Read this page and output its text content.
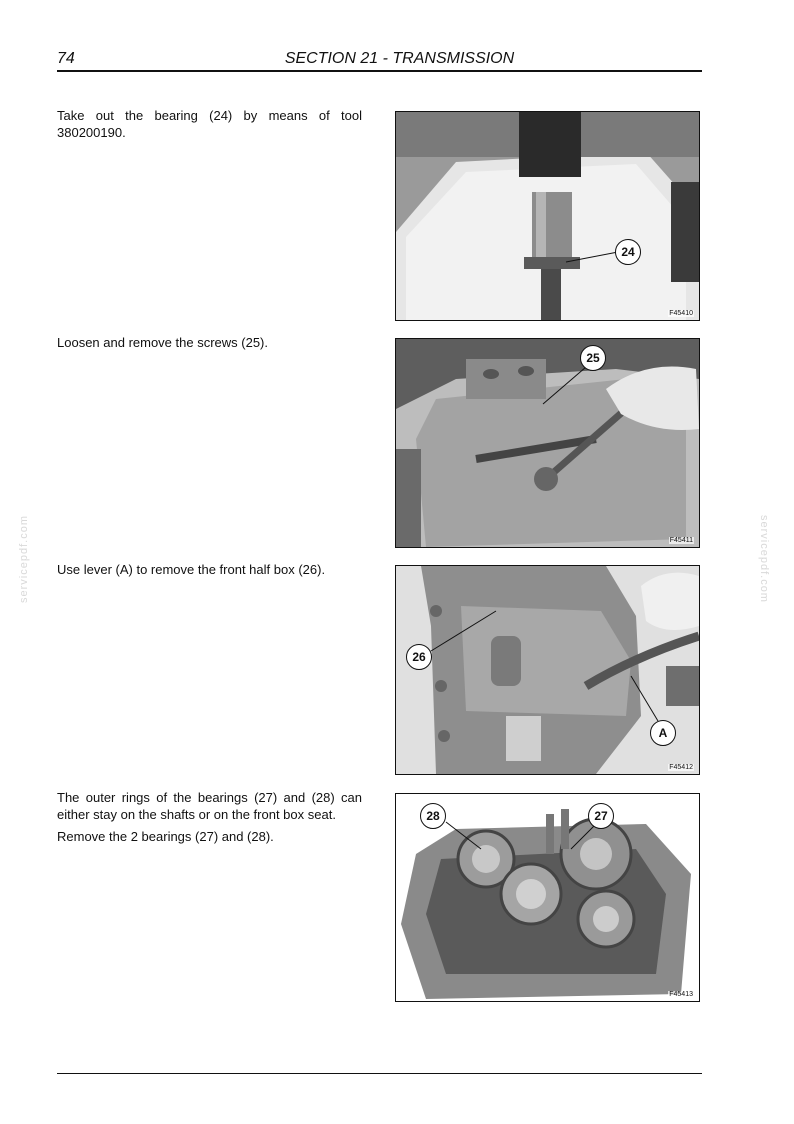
74	SECTION 21 - TRANSMISSION
servicepdf.com	servicepdf.com

Take out the bearing (24) by means of tool 380200190.

24
F45410

Loosen and remove the screws (25).

25
F45411

Use lever (A) to remove the front half box (26).

26
A
F45412

The outer rings of the bearings (27) and (28) can either stay on the shafts or on the front box seat.

Remove the 2 bearings (27) and (28).

28	27
F45413
